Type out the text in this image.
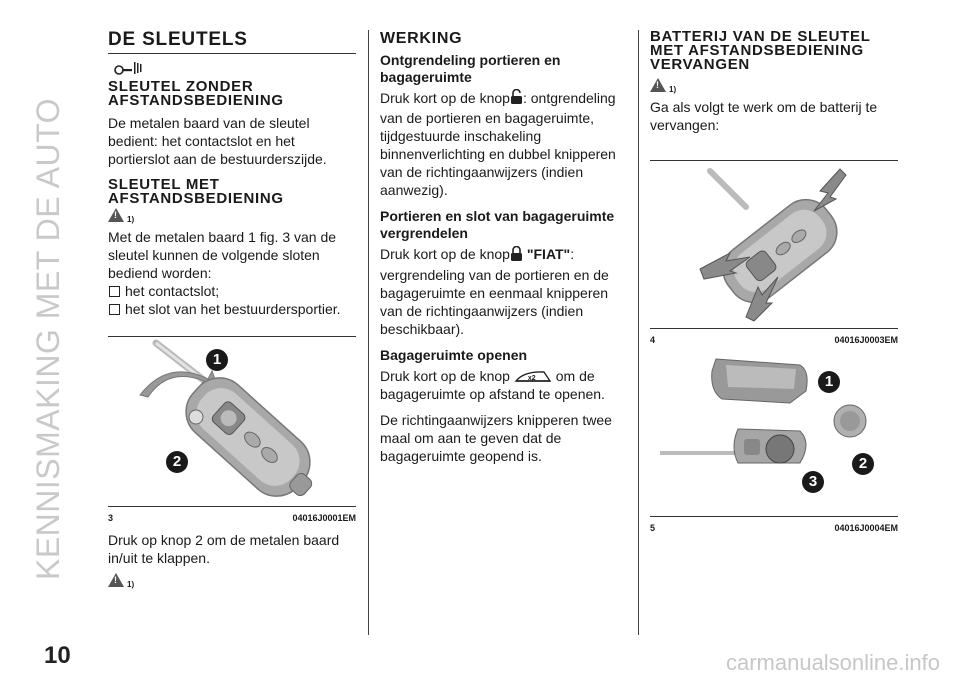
KENNISMAKING MET DE AUTO
10	carmanualsonline.info
DE SLEUTELS
SLEUTEL ZONDER AFSTANDSBEDIENING

De metalen baard van de sleutel bedient: het contactslot en het portierslot aan de bestuurderszijde.

SLEUTEL MET AFSTANDSBEDIENING
!
1)

Met de metalen baard 1 fig. 3 van de sleutel kunnen de volgende sloten bediend worden:

het contactslot;
het slot van het bestuurdersportier.
1
2
3	04016J0001EM

Druk op knop 2 om de metalen baard in/uit te klappen.

!
1)
WERKING
Ontgrendeling portieren en bagageruimte

Druk kort op de knop : ontgrendeling van de portieren en bagageruimte, tijdgestuurde inschakeling binnenverlichting en dubbel knipperen van de richtingaanwijzers (indien aanwezig).

Portieren en slot van bagageruimte vergrendelen

Druk kort op de knop "FIAT": vergrendeling van de portieren en de bagageruimte en eenmaal knipperen van de richtingaanwijzers (indien beschikbaar).

Bagageruimte openen

Druk kort op de knop	x2 om de bagageruimte op afstand te openen.

De richtingaanwijzers knipperen twee maal om aan te geven dat de bagageruimte geopend is.

BATTERIJ VAN DE SLEUTEL MET AFSTANDSBEDIENING VERVANGEN
!
1)

Ga als volgt te werk om de batterij te vervangen:

4	04016J0003EM
1
2
3
5	04016J0004EM
